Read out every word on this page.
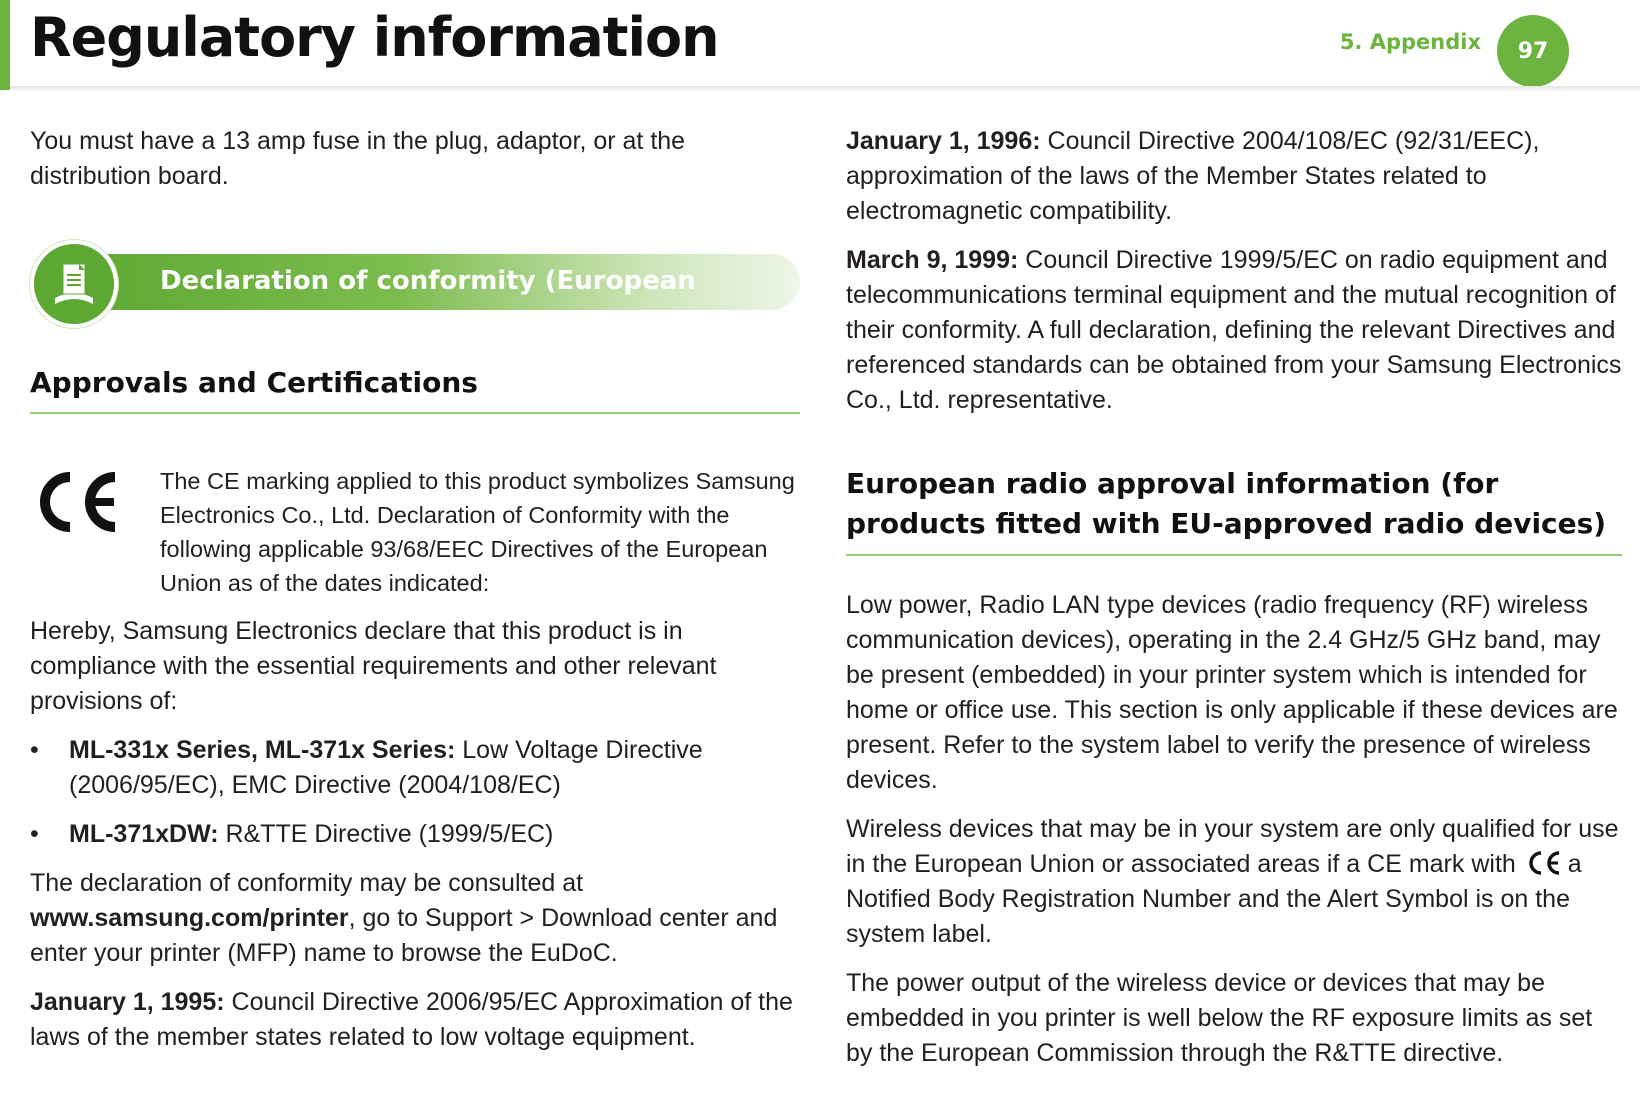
Regulatory information	5. Appendix	97

You must have a 13 amp fuse in the plug, adaptor, or at the distribution board.

Declaration of conformity (European
Approvals and Certifications
The CE marking applied to this product symbolizes Samsung Electronics Co., Ltd. Declaration of Conformity with the following applicable 93/68/EEC Directives of the European Union as of the dates indicated:

Hereby, Samsung Electronics declare that this product is in compliance with the essential requirements and other relevant provisions of:

• ML-331x Series, ML-371x Series: Low Voltage Directive (2006/95/EC), EMC Directive (2004/108/EC)
• ML-371xDW: R&TTE Directive (1999/5/EC)

The declaration of conformity may be consulted at www.samsung.com/printer, go to Support > Download center and enter your printer (MFP) name to browse the EuDoC.

January 1, 1995: Council Directive 2006/95/EC Approximation of the laws of the member states related to low voltage equipment.

January 1, 1996: Council Directive 2004/108/EC (92/31/EEC), approximation of the laws of the Member States related to electromagnetic compatibility.

March 9, 1999: Council Directive 1999/5/EC on radio equipment and telecommunications terminal equipment and the mutual recognition of their conformity. A full declaration, defining the relevant Directives and referenced standards can be obtained from your Samsung Electronics Co., Ltd. representative.

European radio approval information (for products fitted with EU-approved radio devices)

Low power, Radio LAN type devices (radio frequency (RF) wireless communication devices), operating in the 2.4 GHz/5 GHz band, may be present (embedded) in your printer system which is intended for home or office use. This section is only applicable if these devices are present. Refer to the system label to verify the presence of wireless devices.

Wireless devices that may be in your system are only qualified for use in the European Union or associated areas if a CE mark with a Notified Body Registration Number and the Alert Symbol is on the system label.

The power output of the wireless device or devices that may be embedded in you printer is well below the RF exposure limits as set by the European Commission through the R&TTE directive.
